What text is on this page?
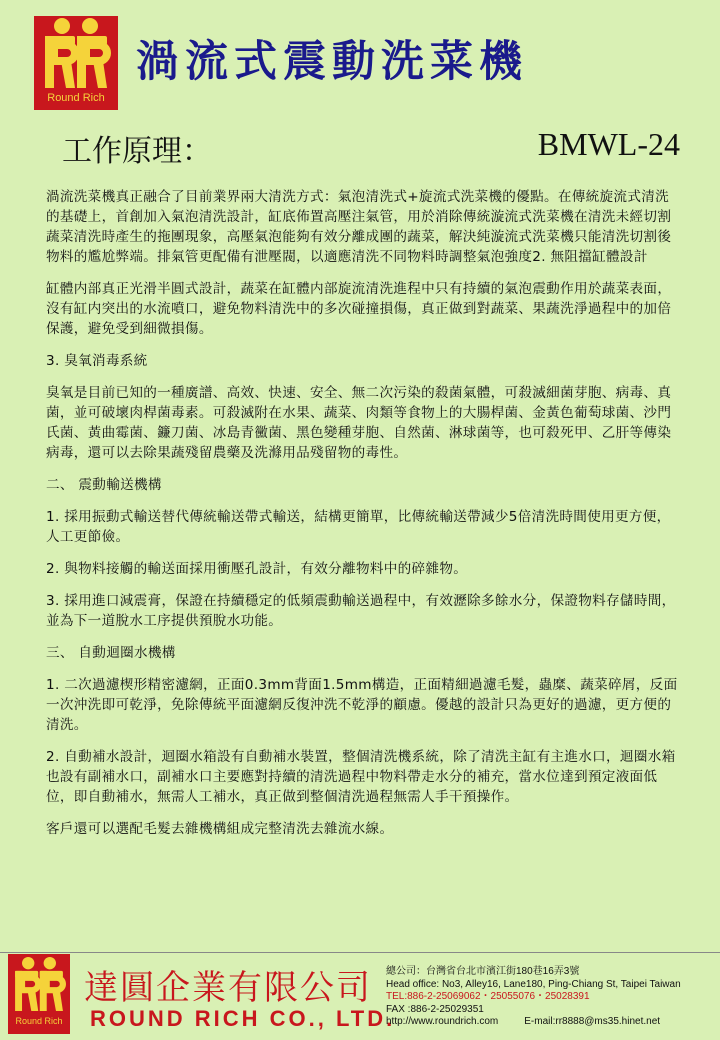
Round Rich
渦流式震動洗菜機
工作原理：	BMWL-24

渦流洗菜機真正融合了目前業界兩大清洗方式：氣泡清洗式+旋流式洗菜機的優點。在傳統旋流式清洗的基礎上，首創加入氣泡清洗設計，缸底佈置高壓注氣管，用於消除傳統漩流式洗菜機在清洗未經切割蔬菜清洗時產生的拖團現象，高壓氣泡能夠有效分離成團的蔬菜，解決純漩流式洗菜機只能清洗切割後物料的尷尬弊端。排氣管更配備有泄壓閥，以適應清洗不同物料時調整氣泡強度2. 無阻擋缸體設計

缸體内部真正光滑半圓式設計，蔬菜在缸體内部旋流清洗進程中只有持續的氣泡震動作用於蔬菜表面，沒有缸内突出的水流噴口，避免物料清洗中的多次碰撞損傷，真正做到對蔬菜、果蔬洗淨過程中的加倍保護，避免受到細微損傷。

3. 臭氧消毒系統

臭氧是目前已知的一種廣譜、高效、快速、安全、無二次污染的殺菌氣體，可殺滅細菌芽胞、病毒、真菌，並可破壞肉桿菌毒素。可殺滅附在水果、蔬菜、肉類等食物上的大腸桿菌、金黃色葡萄球菌、沙門氏菌、黃曲霉菌、鐮刀菌、冰島青黴菌、黑色變種芽胞、自然菌、淋球菌等，也可殺死甲、乙肝等傳染病毒，還可以去除果蔬殘留農藥及洗滌用品殘留物的毒性。

二、 震動輸送機構

1. 採用振動式輸送替代傳統輸送帶式輸送，結構更簡單，比傳統輸送帶減少5倍清洗時間使用更方便，人工更節儉。

2. 與物料接觸的輸送面採用衝壓孔設計，有效分離物料中的碎雜物。

3. 採用進口減震膏，保證在持續穩定的低頻震動輸送過程中，有效瀝除多餘水分，保證物料存儲時間，並為下一道脫水工序提供預脫水功能。

三、 自動迴圈水機構

1. 二次過濾楔形精密濾網，正面0.3mm背面1.5mm構造，正面精細過濾毛髮，蟲糜、蔬菜碎屑，反面一次沖洗即可乾淨，免除傳統平面濾網反復沖洗不乾淨的顧慮。優越的設計只為更好的過濾，更方便的清洗。

2. 自動補水設計，迴圈水箱設有自動補水裝置，整個清洗機系統，除了清洗主缸有主進水口，迴圈水箱也設有副補水口，副補水口主要應對持續的清洗過程中物料帶走水分的補充，當水位達到預定液面低位，即自動補水，無需人工補水，真正做到整個清洗過程無需人手干預操作。

客戶還可以選配毛髮去雜機構組成完整清洗去雜流水線。

Round Rich
達圓企業有限公司
ROUND RICH CO., LTD.
總公司：台灣省台北市濱江街180巷16弄3號
Head office: No3, Alley16, Lane180, Ping-Chiang St, Taipei Taiwan
TEL:886-2-25069062・25055076・25028391
FAX :886-2-25029351
http://www.roundrich.com	E-mail:rr8888@ms35.hinet.net
